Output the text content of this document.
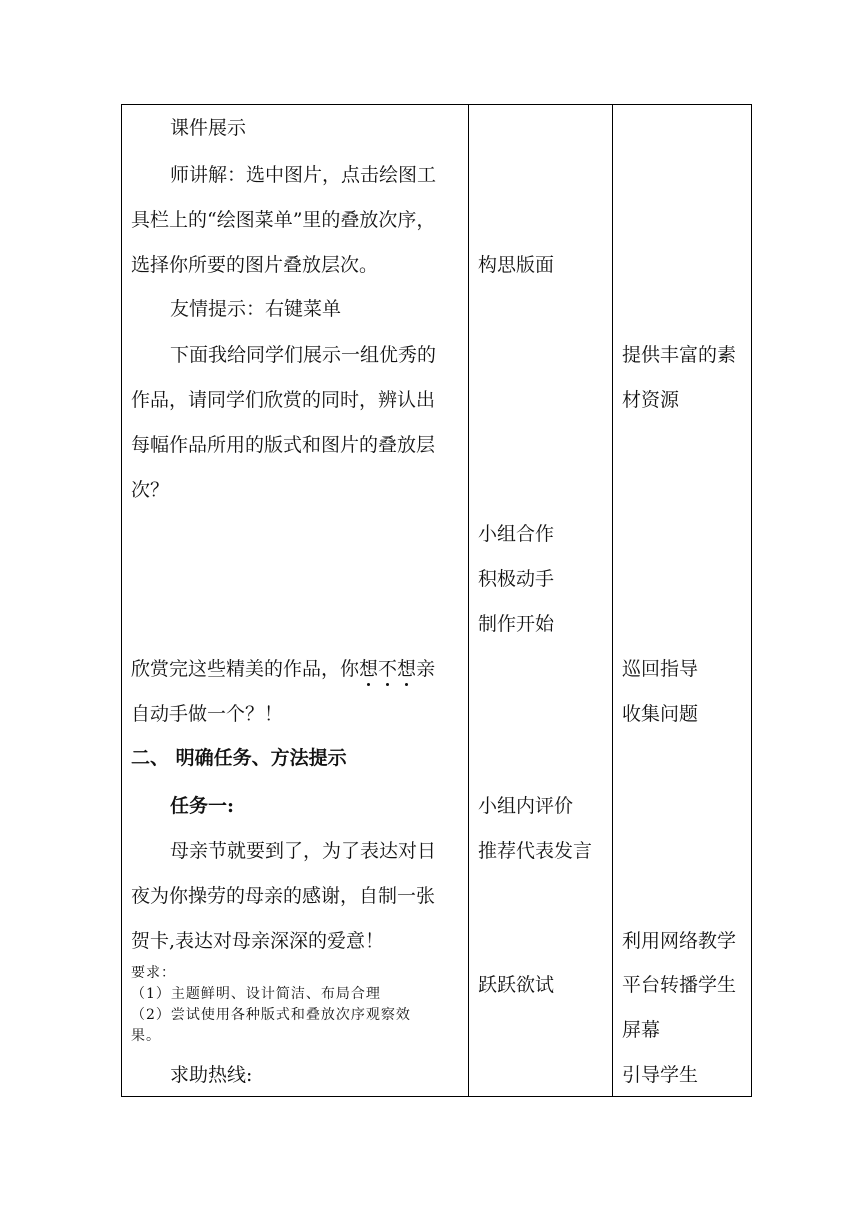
课件展示
师讲解：选中图片，点击绘图工
具栏上的“绘图菜单”里的叠放次序，
选择你所要的图片叠放层次。
友情提示：右键菜单
下面我给同学们展示一组优秀的
作品，请同学们欣赏的同时，辨认出
每幅作品所用的版式和图片的叠放层
次？
欣赏完这些精美的作品，你想不想亲
自动手做一个？！
二、 明确任务、方法提示
任务一:
母亲节就要到了，为了表达对日
夜为你操劳的母亲的感谢，自制一张
贺卡,表达对母亲深深的爱意！
要求：
（1）主题鲜明、设计简洁、布局合理
（2）尝试使用各种版式和叠放次序观察效
果。
求助热线:
构思版面
小组合作
积极动手
制作开始
小组内评价
推荐代表发言
跃跃欲试
提供丰富的素
材资源
巡回指导
收集问题
利用网络教学
平台转播学生
屏幕
引导学生
